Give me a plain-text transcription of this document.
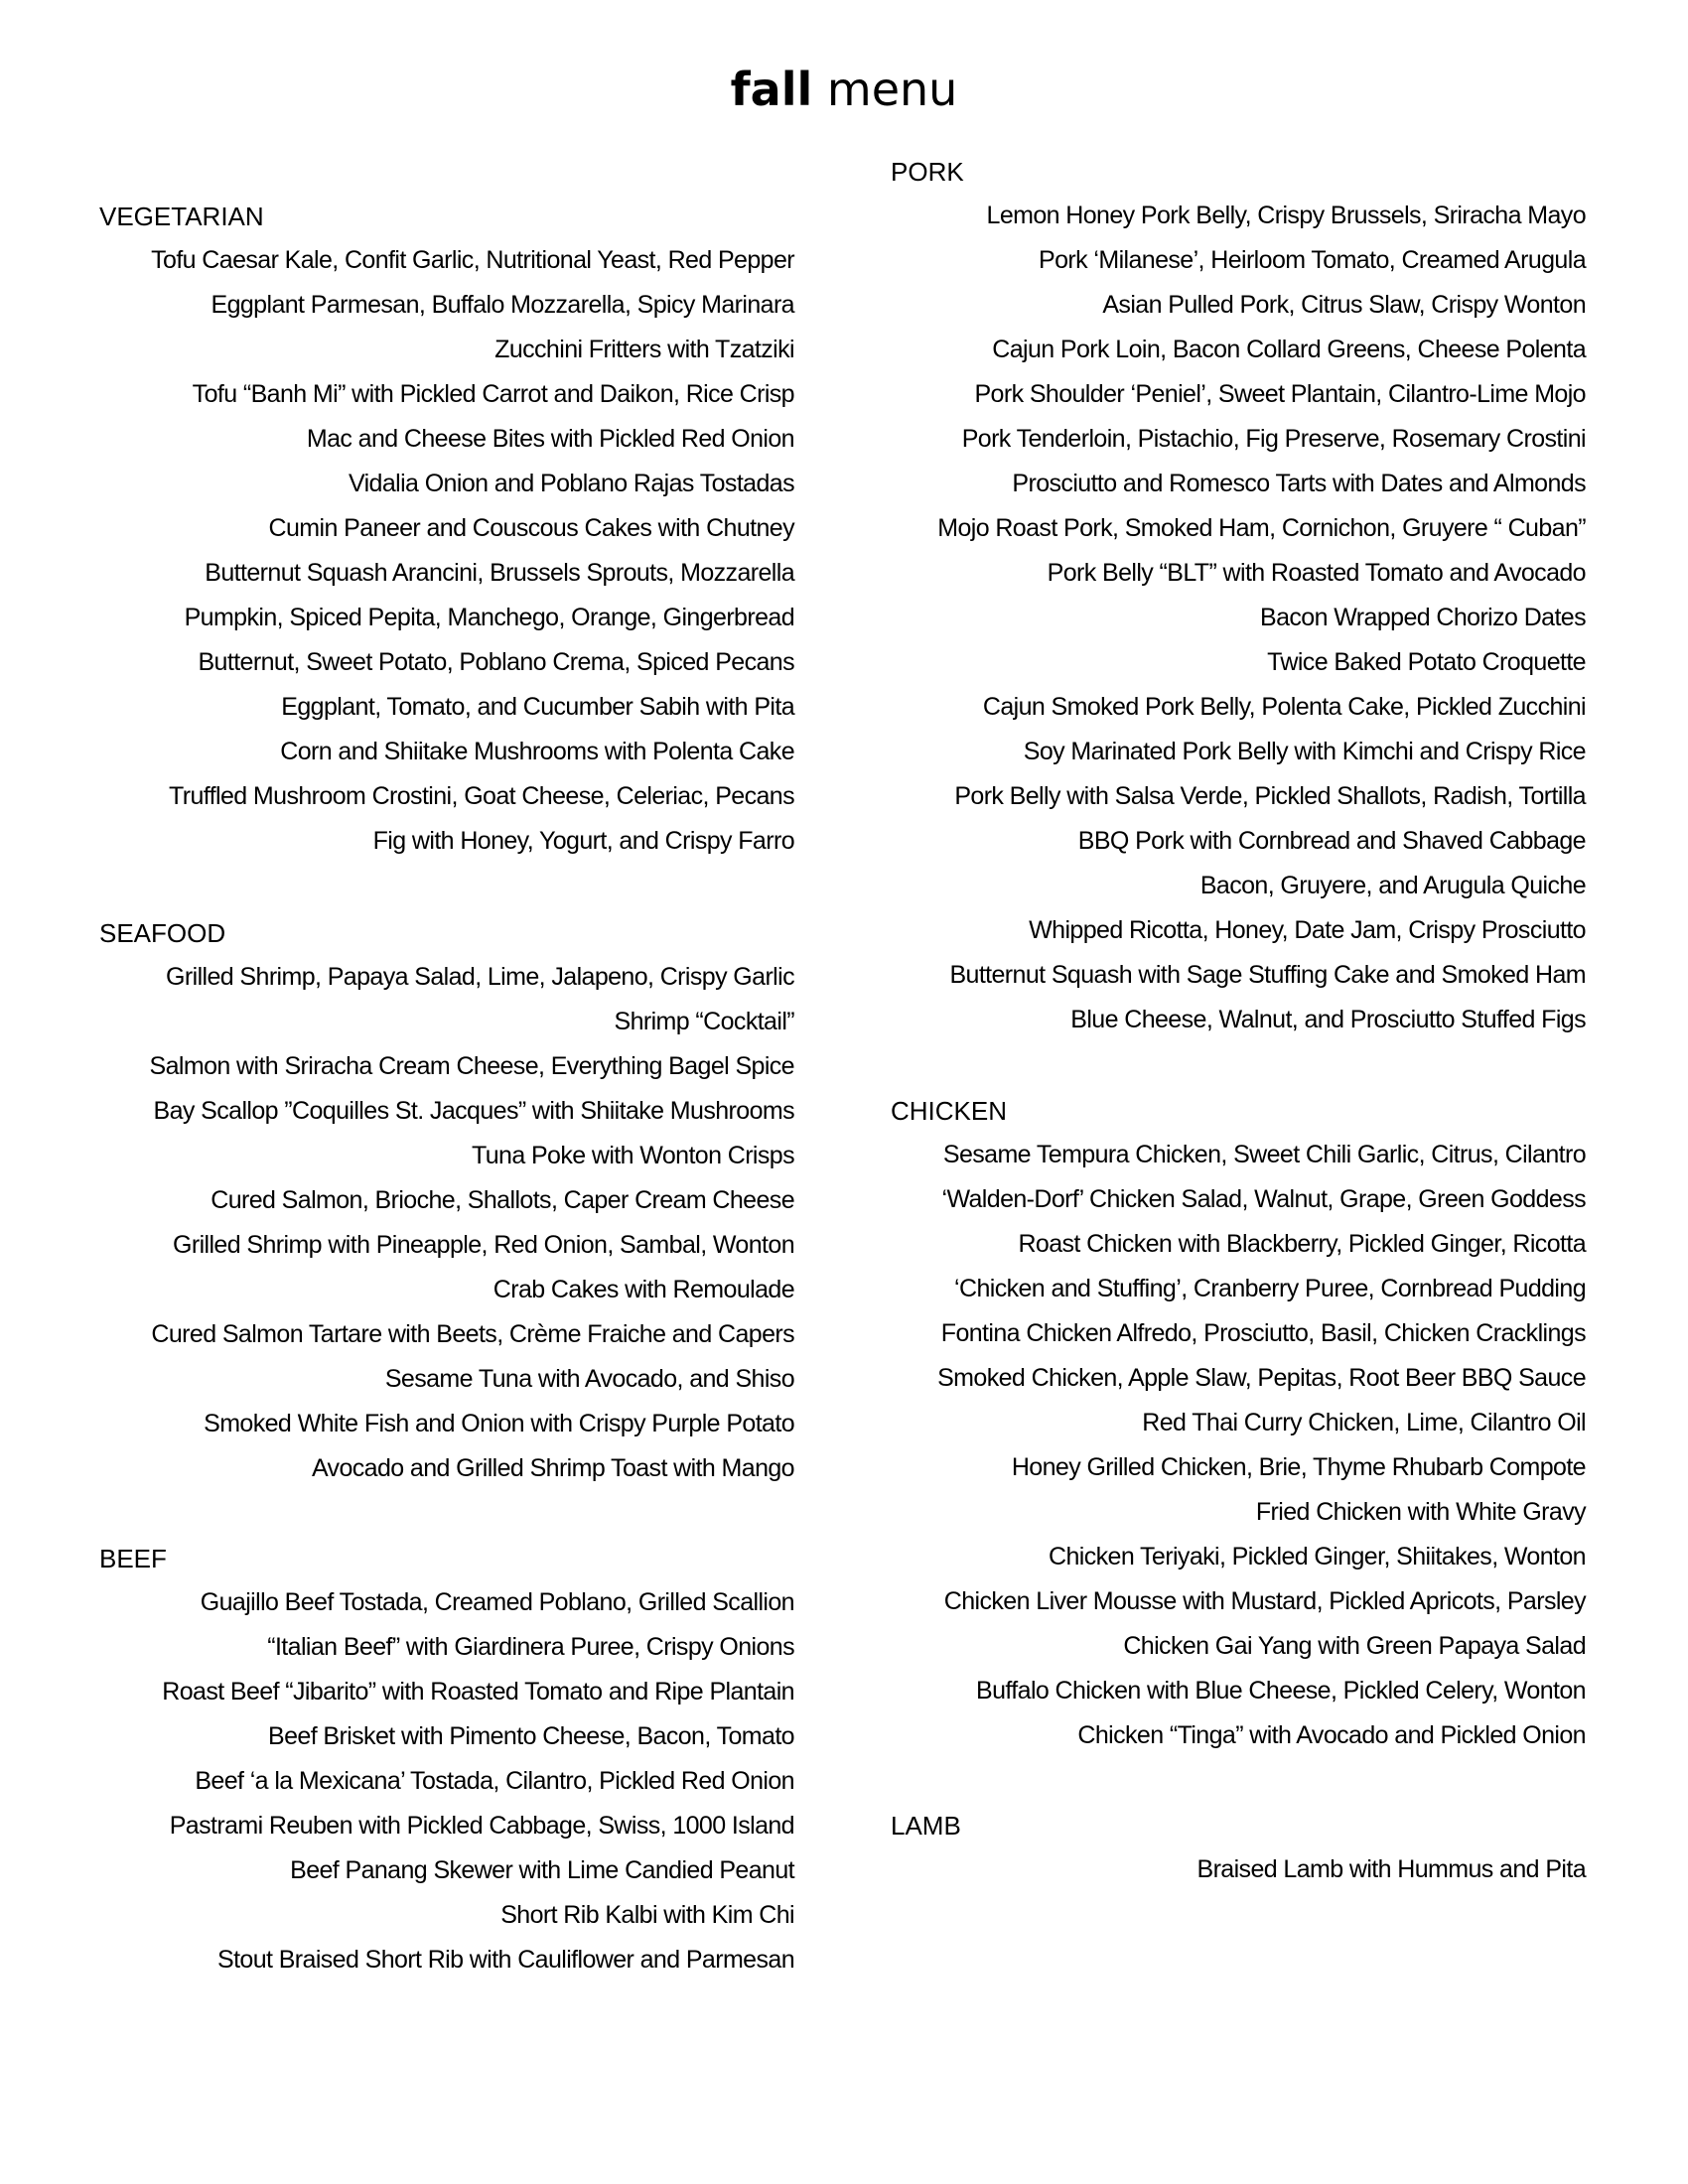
fall menu
VEGETARIAN
Tofu Caesar Kale, Confit Garlic, Nutritional Yeast, Red Pepper
Eggplant Parmesan, Buffalo Mozzarella, Spicy Marinara
Zucchini Fritters with Tzatziki
Tofu “Banh Mi” with Pickled Carrot and Daikon, Rice Crisp
Mac and Cheese Bites with Pickled Red Onion
Vidalia Onion and Poblano Rajas Tostadas
Cumin Paneer and Couscous Cakes with Chutney
Butternut Squash Arancini, Brussels Sprouts, Mozzarella
Pumpkin, Spiced Pepita, Manchego, Orange, Gingerbread
Butternut, Sweet Potato, Poblano Crema, Spiced Pecans
Eggplant, Tomato, and Cucumber Sabih with Pita
Corn and Shiitake Mushrooms with Polenta Cake
Truffled Mushroom Crostini, Goat Cheese, Celeriac, Pecans
Fig with Honey, Yogurt, and Crispy Farro
SEAFOOD
Grilled Shrimp, Papaya Salad, Lime, Jalapeno, Crispy Garlic
Shrimp “Cocktail”
Salmon with Sriracha Cream Cheese, Everything Bagel Spice
Bay Scallop ”Coquilles St. Jacques” with Shiitake Mushrooms
Tuna Poke with Wonton Crisps
Cured Salmon, Brioche, Shallots, Caper Cream Cheese
Grilled Shrimp with Pineapple, Red Onion, Sambal, Wonton
Crab Cakes with Remoulade
Cured Salmon Tartare with Beets, Crème Fraiche and Capers
Sesame Tuna with Avocado, and Shiso
Smoked White Fish and Onion with Crispy Purple Potato
Avocado and Grilled Shrimp Toast with Mango
BEEF
Guajillo Beef Tostada, Creamed Poblano, Grilled Scallion
“Italian Beef” with Giardinera Puree, Crispy Onions
Roast Beef “Jibarito” with Roasted Tomato and Ripe Plantain
Beef Brisket with Pimento Cheese, Bacon, Tomato
Beef ‘a la Mexicana’ Tostada, Cilantro, Pickled Red Onion
Pastrami Reuben with Pickled Cabbage, Swiss, 1000 Island
Beef Panang Skewer with Lime Candied Peanut
Short Rib Kalbi with Kim Chi
Stout Braised Short Rib with Cauliflower and Parmesan
PORK
Lemon Honey Pork Belly, Crispy Brussels, Sriracha Mayo
Pork ‘Milanese’, Heirloom Tomato, Creamed Arugula
Asian Pulled Pork, Citrus Slaw, Crispy Wonton
Cajun Pork Loin, Bacon Collard Greens, Cheese Polenta
Pork Shoulder ‘Peniel’, Sweet Plantain, Cilantro-Lime Mojo
Pork Tenderloin, Pistachio, Fig Preserve, Rosemary Crostini
Prosciutto and Romesco Tarts with Dates and Almonds
Mojo Roast Pork, Smoked Ham, Cornichon, Gruyere “ Cuban”
Pork Belly “BLT” with Roasted Tomato and Avocado
Bacon Wrapped Chorizo Dates
Twice Baked Potato Croquette
Cajun Smoked Pork Belly, Polenta Cake, Pickled Zucchini
Soy Marinated Pork Belly with Kimchi and Crispy Rice
Pork Belly with Salsa Verde, Pickled Shallots, Radish, Tortilla
BBQ Pork with Cornbread and Shaved Cabbage
Bacon, Gruyere, and Arugula Quiche
Whipped Ricotta, Honey, Date Jam, Crispy Prosciutto
Butternut Squash with Sage Stuffing Cake and Smoked Ham
Blue Cheese, Walnut, and Prosciutto Stuffed Figs
CHICKEN
Sesame Tempura Chicken, Sweet Chili Garlic, Citrus, Cilantro
‘Walden-Dorf’ Chicken Salad, Walnut, Grape, Green Goddess
Roast Chicken with Blackberry, Pickled Ginger, Ricotta
‘Chicken and Stuffing’, Cranberry Puree, Cornbread Pudding
Fontina Chicken Alfredo, Prosciutto, Basil, Chicken Cracklings
Smoked Chicken, Apple Slaw, Pepitas, Root Beer BBQ Sauce
Red Thai Curry Chicken, Lime, Cilantro Oil
Honey Grilled Chicken, Brie, Thyme Rhubarb Compote
Fried Chicken with White Gravy
Chicken Teriyaki, Pickled Ginger, Shiitakes, Wonton
Chicken Liver Mousse with Mustard, Pickled Apricots, Parsley
Chicken Gai Yang with Green Papaya Salad
Buffalo Chicken with Blue Cheese, Pickled Celery, Wonton
Chicken “Tinga” with Avocado and Pickled Onion
LAMB
Braised Lamb with Hummus and Pita
